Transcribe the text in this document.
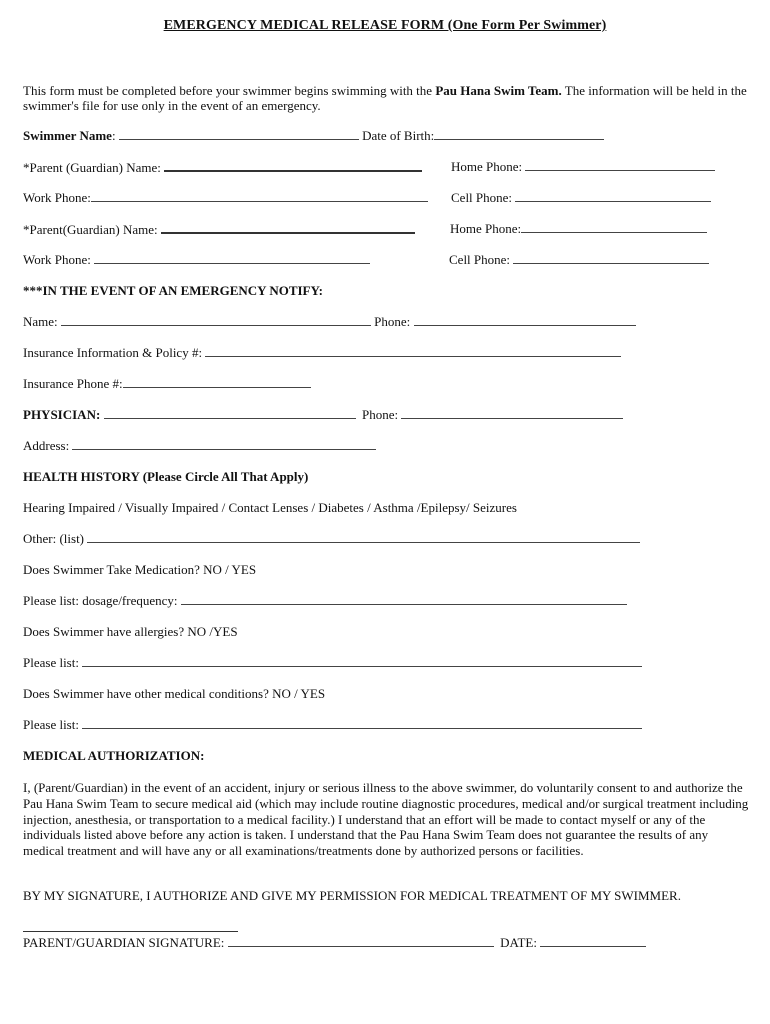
EMERGENCY MEDICAL RELEASE FORM (One Form Per Swimmer)
This form must be completed before your swimmer begins swimming with the Pau Hana Swim Team. The information will be held in the swimmer's file for use only in the event of an emergency.
Swimmer Name:	Date of Birth:
*Parent (Guardian) Name:	Home Phone:
Work Phone:	Cell Phone:
*Parent(Guardian) Name:	Home Phone:
Work Phone:	Cell Phone:
***IN THE EVENT OF AN EMERGENCY NOTIFY:
Name:	Phone:
Insurance Information & Policy #:
Insurance Phone #:
PHYSICIAN:	Phone:
Address:
HEALTH HISTORY (Please Circle All That Apply)
Hearing Impaired / Visually Impaired / Contact Lenses / Diabetes / Asthma /Epilepsy/ Seizures
Other: (list)
Does Swimmer Take Medication? NO / YES
Please list: dosage/frequency:
Does Swimmer have allergies? NO /YES
Please list:
Does Swimmer have other medical conditions? NO / YES
Please list:
MEDICAL AUTHORIZATION:
I, (Parent/Guardian) in the event of an accident, injury or serious illness to the above swimmer, do voluntarily consent to and authorize the Pau Hana Swim Team to secure medical aid (which may include routine diagnostic procedures, medical and/or surgical treatment including injection, anesthesia, or transportation to a medical facility.) I understand that an effort will be made to contact myself or any of the individuals listed above before any action is taken. I understand that the Pau Hana Swim Team does not guarantee the results of any medical treatment and will have any or all examinations/treatments done by authorized persons or facilities.
BY MY SIGNATURE, I AUTHORIZE AND GIVE MY PERMISSION FOR MEDICAL TREATMENT OF MY SWIMMER.
PARENT/GUARDIAN SIGNATURE:	DATE:
